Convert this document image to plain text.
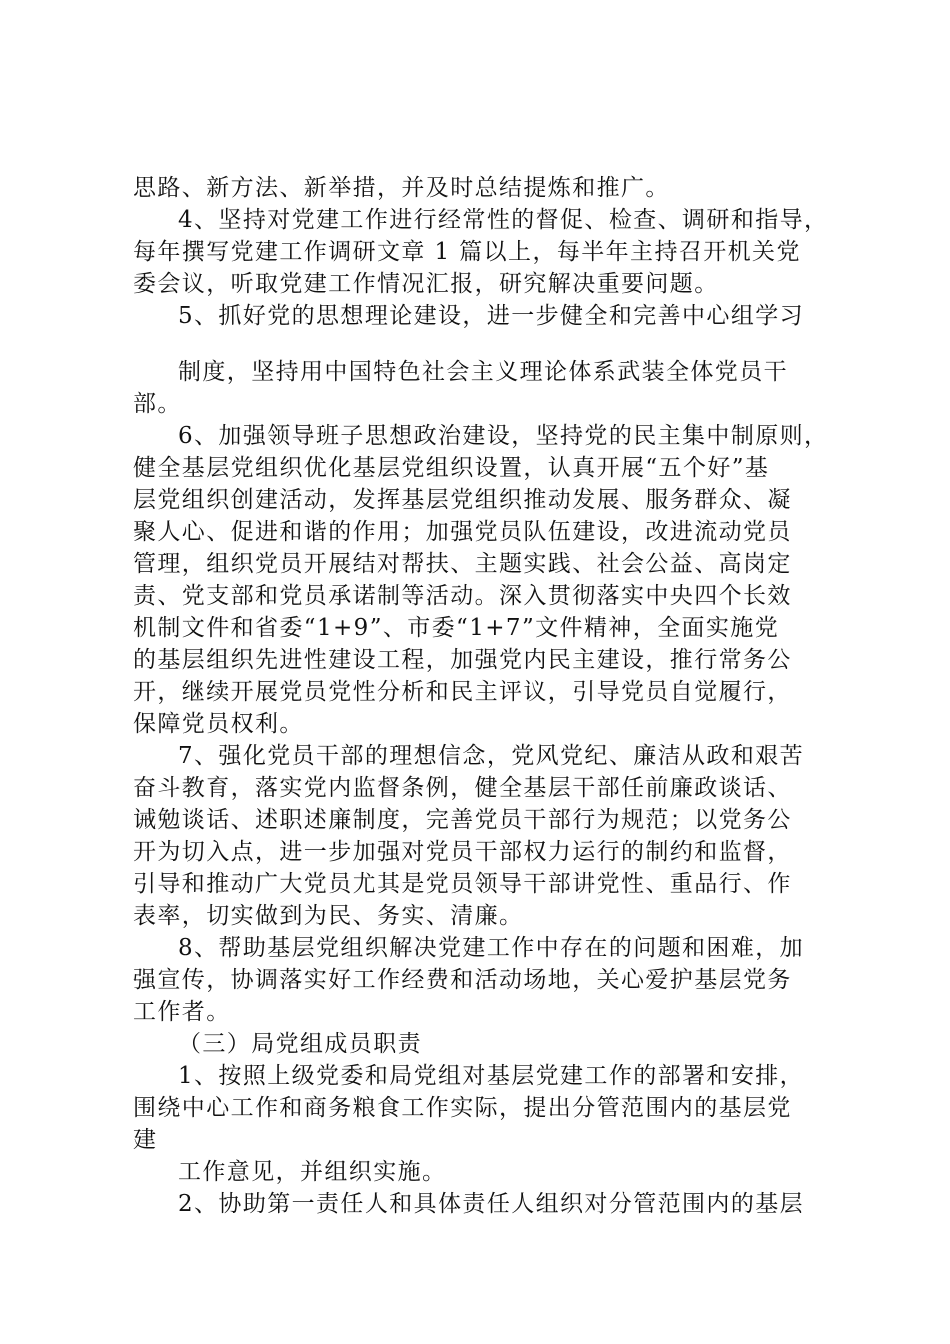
思路、新方法、新举措，并及时总结提炼和推广。

4、坚持对党建工作进行经常性的督促、检查、调研和指导，

每年撰写党建工作调研文章 1 篇以上，每半年主持召开机关党

委会议，听取党建工作情况汇报，研究解决重要问题。

5、抓好党的思想理论建设，进一步健全和完善中心组学习

制度，坚持用中国特色社会主义理论体系武装全体党员干

部。

6、加强领导班子思想政治建设，坚持党的民主集中制原则，

健全基层党组织优化基层党组织设置，认真开展“五个好”基

层党组织创建活动，发挥基层党组织推动发展、服务群众、凝

聚人心、促进和谐的作用；加强党员队伍建设，改进流动党员

管理，组织党员开展结对帮扶、主题实践、社会公益、高岗定

责、党支部和党员承诺制等活动。深入贯彻落实中央四个长效

机制文件和省委“1+9”、市委“1+7”文件精神，全面实施党

的基层组织先进性建设工程，加强党内民主建设，推行常务公

开，继续开展党员党性分析和民主评议，引导党员自觉履行，

保障党员权利。

7、强化党员干部的理想信念，党风党纪、廉洁从政和艰苦

奋斗教育，落实党内监督条例，健全基层干部任前廉政谈话、

诫勉谈话、述职述廉制度，完善党员干部行为规范；以党务公

开为切入点，进一步加强对党员干部权力运行的制约和监督，

引导和推动广大党员尤其是党员领导干部讲党性、重品行、作

表率，切实做到为民、务实、清廉。

8、帮助基层党组织解决党建工作中存在的问题和困难，加

强宣传，协调落实好工作经费和活动场地，关心爱护基层党务

工作者。

（三）局党组成员职责

1、按照上级党委和局党组对基层党建工作的部署和安排，

围绕中心工作和商务粮食工作实际，提出分管范围内的基层党

建

工作意见，并组织实施。

2、协助第一责任人和具体责任人组织对分管范围内的基层
